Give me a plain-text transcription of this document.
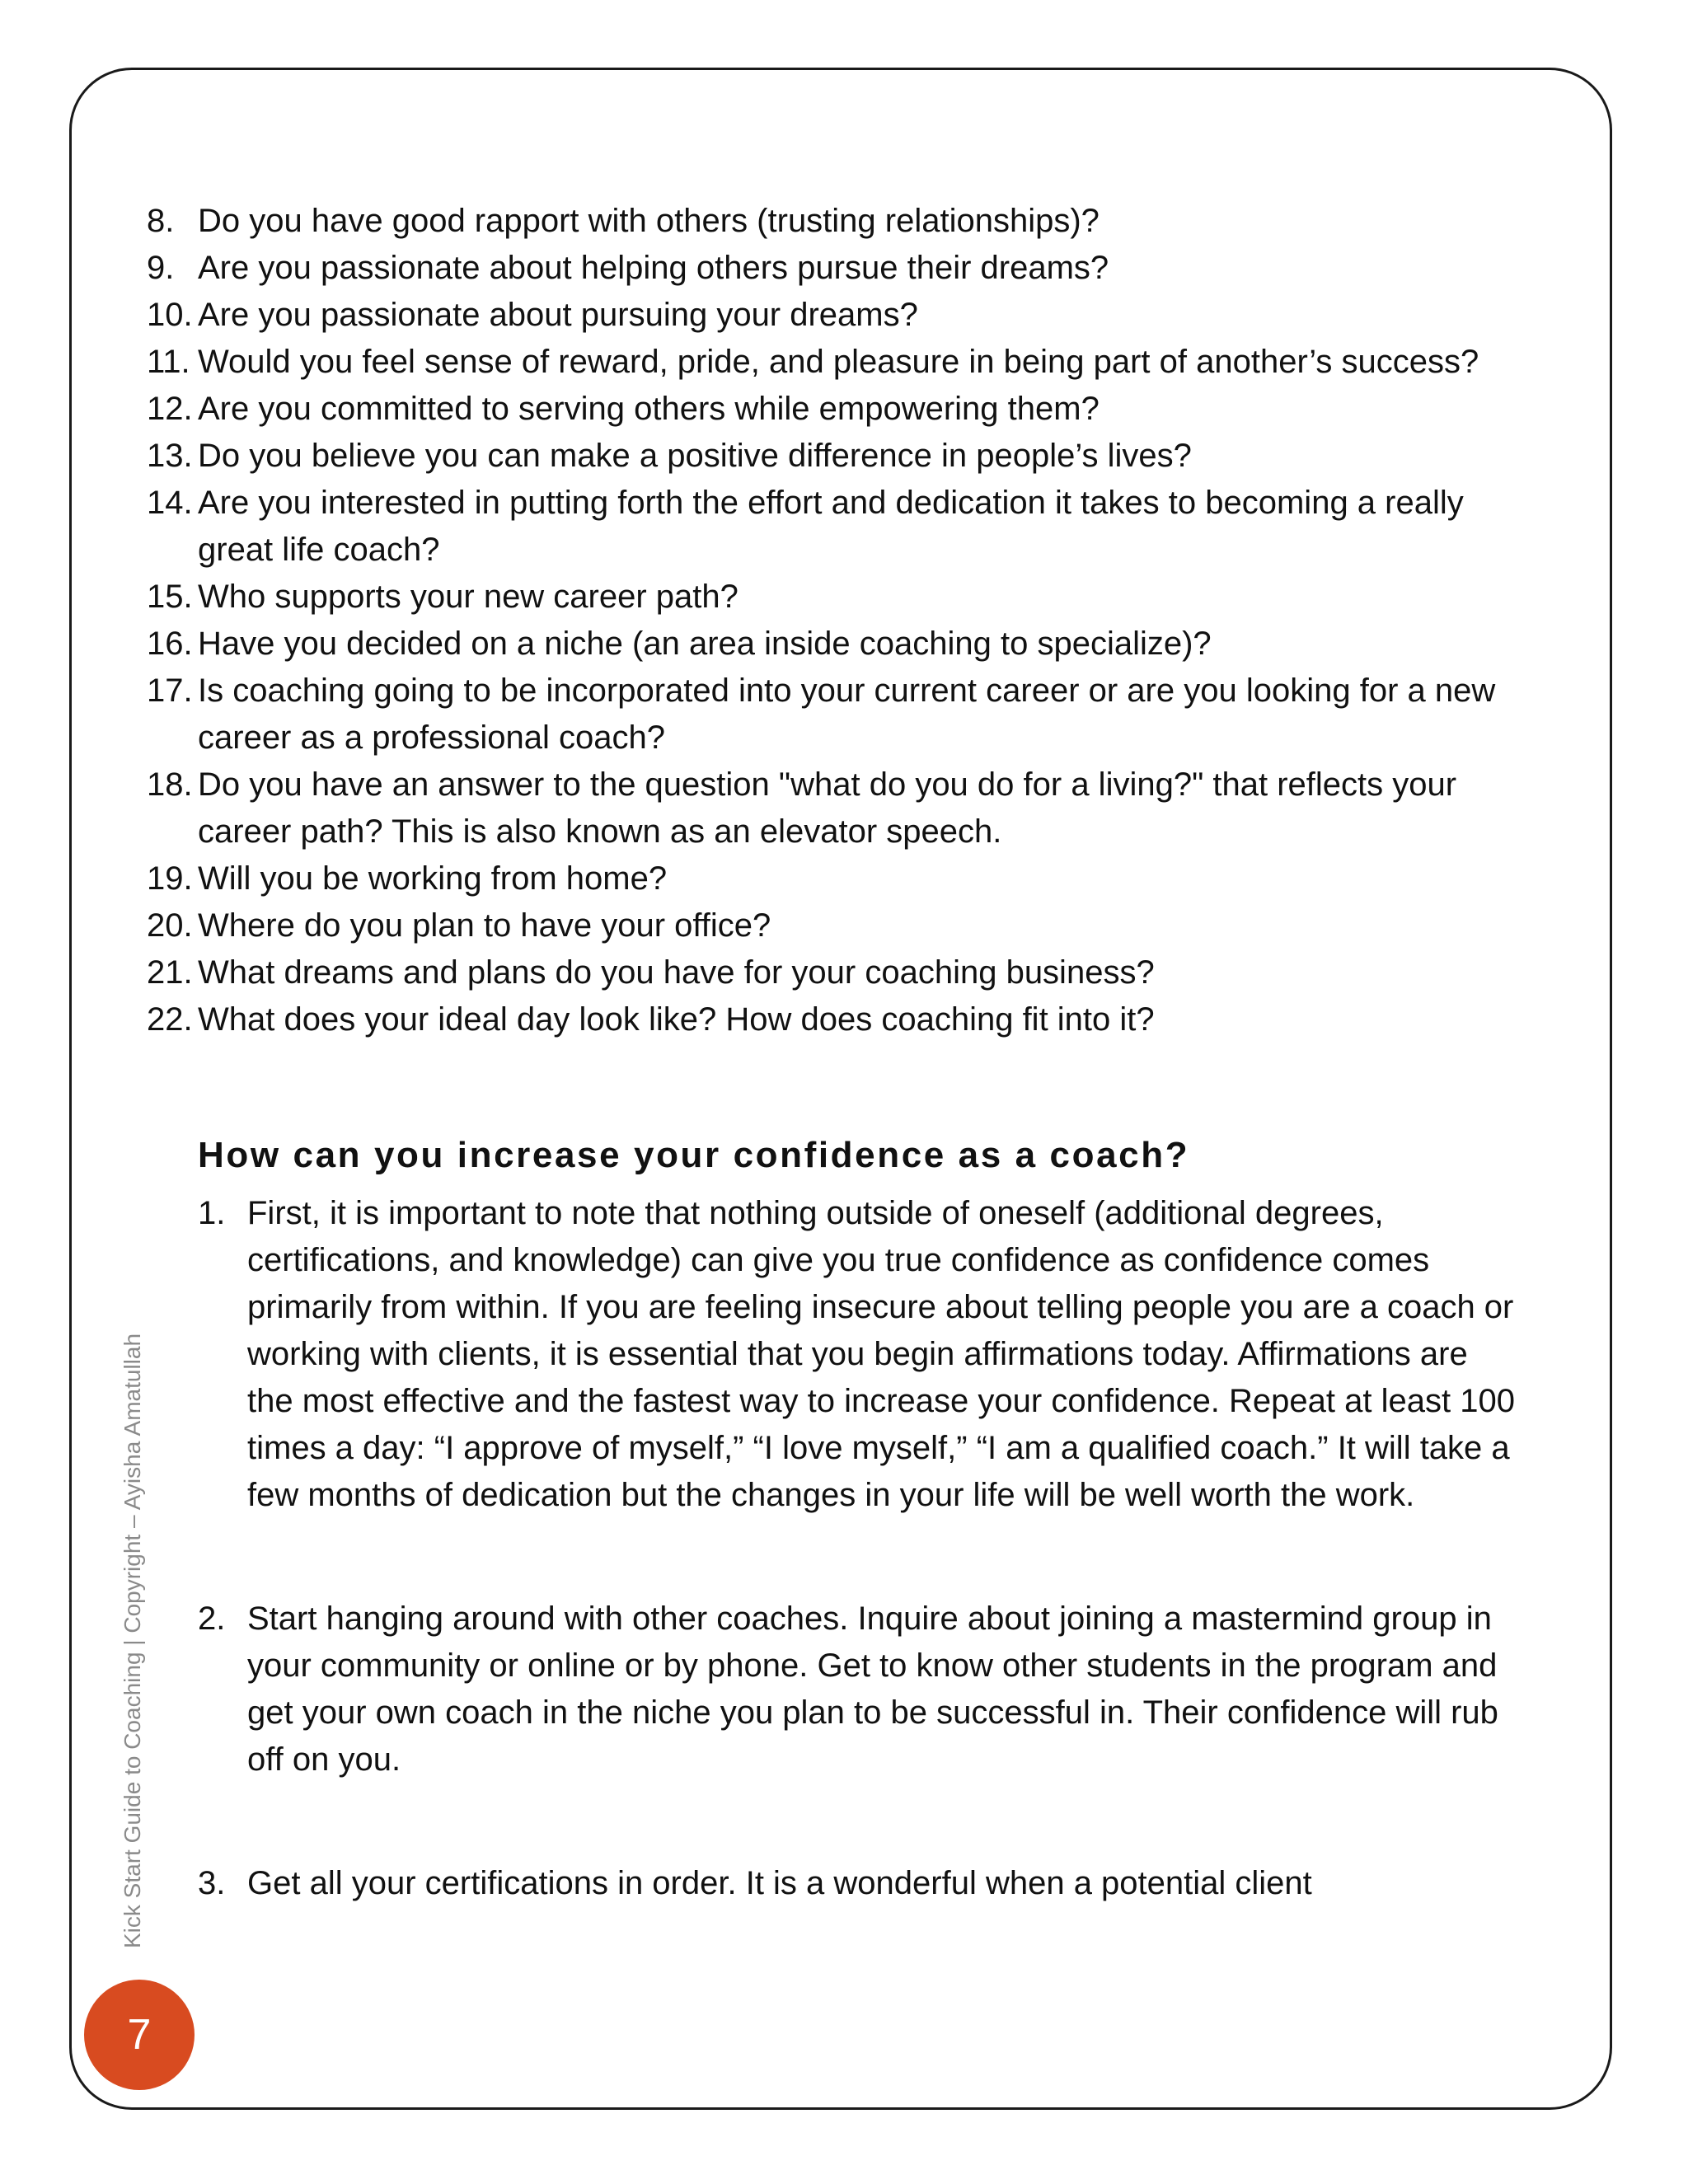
8. Do you have good rapport with others (trusting relationships)?
9. Are you passionate about helping others pursue their dreams?
10. Are you passionate about pursuing your dreams?
11. Would you feel sense of reward, pride, and pleasure in being part of another’s success?
12. Are you committed to serving others while empowering them?
13. Do you believe you can make a positive difference in people’s lives?
14. Are you interested in putting forth the effort and dedication it takes to becoming a really great life coach?
15. Who supports your new career path?
16. Have you decided on a niche (an area inside coaching to specialize)?
17. Is coaching going to be incorporated into your current career or are you looking for a new career as a professional coach?
18. Do you have an answer to the question "what do you do for a living?" that reflects your career path? This is also known as an elevator speech.
19. Will you be working from home?
20. Where do you plan to have your office?
21. What dreams and plans do you have for your coaching business?
22. What does your ideal day look like? How does coaching fit into it?
How can you increase your confidence as a coach?
1. First, it is important to note that nothing outside of oneself (additional degrees, certifications, and knowledge) can give you true confidence as confidence comes primarily from within. If you are feeling insecure about telling people you are a coach or working with clients, it is essential that you begin affirmations today. Affirmations are the most effective and the fastest way to increase your confidence. Repeat at least 100 times a day: “I approve of myself,” “I love myself,” “I am a qualified coach.” It will take a few months of dedication but the changes in your life will be well worth the work.
2. Start hanging around with other coaches. Inquire about joining a mastermind group in your community or online or by phone. Get to know other students in the program and get your own coach in the niche you plan to be successful in. Their confidence will rub off on you.
3. Get all your certifications in order. It is a wonderful when a potential client
Kick Start Guide to Coaching | Copyright – Ayisha Amatullah
7
